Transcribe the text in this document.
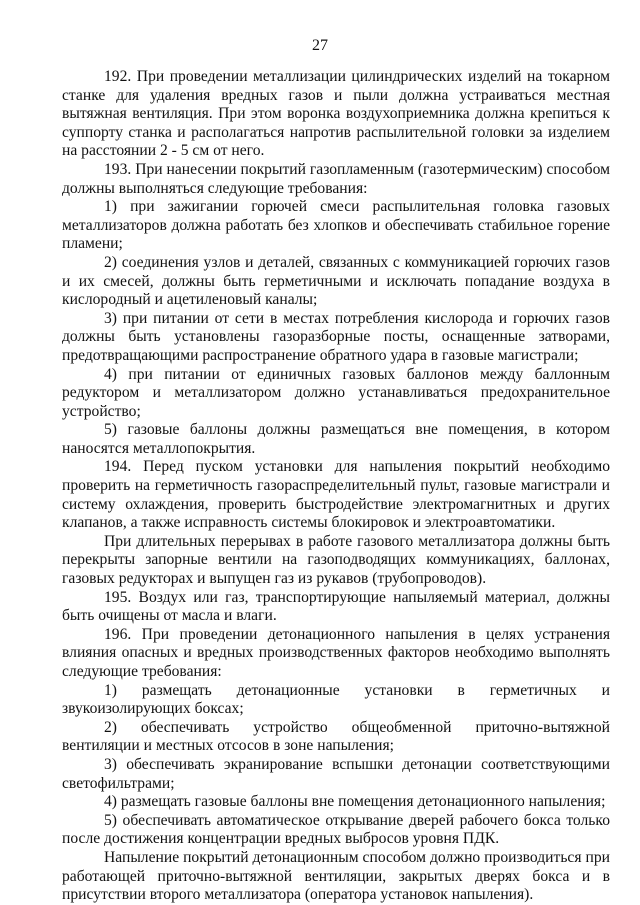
27

192. При проведении металлизации цилиндрических изделий на токарном станке для удаления вредных газов и пыли должна устраиваться местная вытяжная вентиляция. При этом воронка воздухоприемника должна крепиться к суппорту станка и располагаться напротив распылительной головки за изделием на расстоянии 2 - 5 см от него.

193. При нанесении покрытий газопламенным (газотермическим) способом должны выполняться следующие требования:

1) при зажигании горючей смеси распылительная головка газовых металлизаторов должна работать без хлопков и обеспечивать стабильное горение пламени;

2) соединения узлов и деталей, связанных с коммуникацией горючих газов и их смесей, должны быть герметичными и исключать попадание воздуха в кислородный и ацетиленовый каналы;

3) при питании от сети в местах потребления кислорода и горючих газов должны быть установлены газоразборные посты, оснащенные затворами, предотвращающими распространение обратного удара в газовые магистрали;

4) при питании от единичных газовых баллонов между баллонным редуктором и металлизатором должно устанавливаться предохранительное устройство;

5) газовые баллоны должны размещаться вне помещения, в котором наносятся металлопокрытия.

194. Перед пуском установки для напыления покрытий необходимо проверить на герметичность газораспределительный пульт, газовые магистрали и систему охлаждения, проверить быстродействие электромагнитных и других клапанов, а также исправность системы блокировок и электроавтоматики.

При длительных перерывах в работе газового металлизатора должны быть перекрыты запорные вентили на газоподводящих коммуникациях, баллонах, газовых редукторах и выпущен газ из рукавов (трубопроводов).

195. Воздух или газ, транспортирующие напыляемый материал, должны быть очищены от масла и влаги.

196. При проведении детонационного напыления в целях устранения влияния опасных и вредных производственных факторов необходимо выполнять следующие требования:

1) размещать детонационные установки в герметичных и звукоизолирующих боксах;

2) обеспечивать устройство общеобменной приточно-вытяжной вентиляции и местных отсосов в зоне напыления;

3) обеспечивать экранирование вспышки детонации соответствующими светофильтрами;

4) размещать газовые баллоны вне помещения детонационного напыления;

5) обеспечивать автоматическое открывание дверей рабочего бокса только после достижения концентрации вредных выбросов уровня ПДК.

Напыление покрытий детонационным способом должно производиться при работающей приточно-вытяжной вентиляции, закрытых дверях бокса и в присутствии второго металлизатора (оператора установок напыления).
